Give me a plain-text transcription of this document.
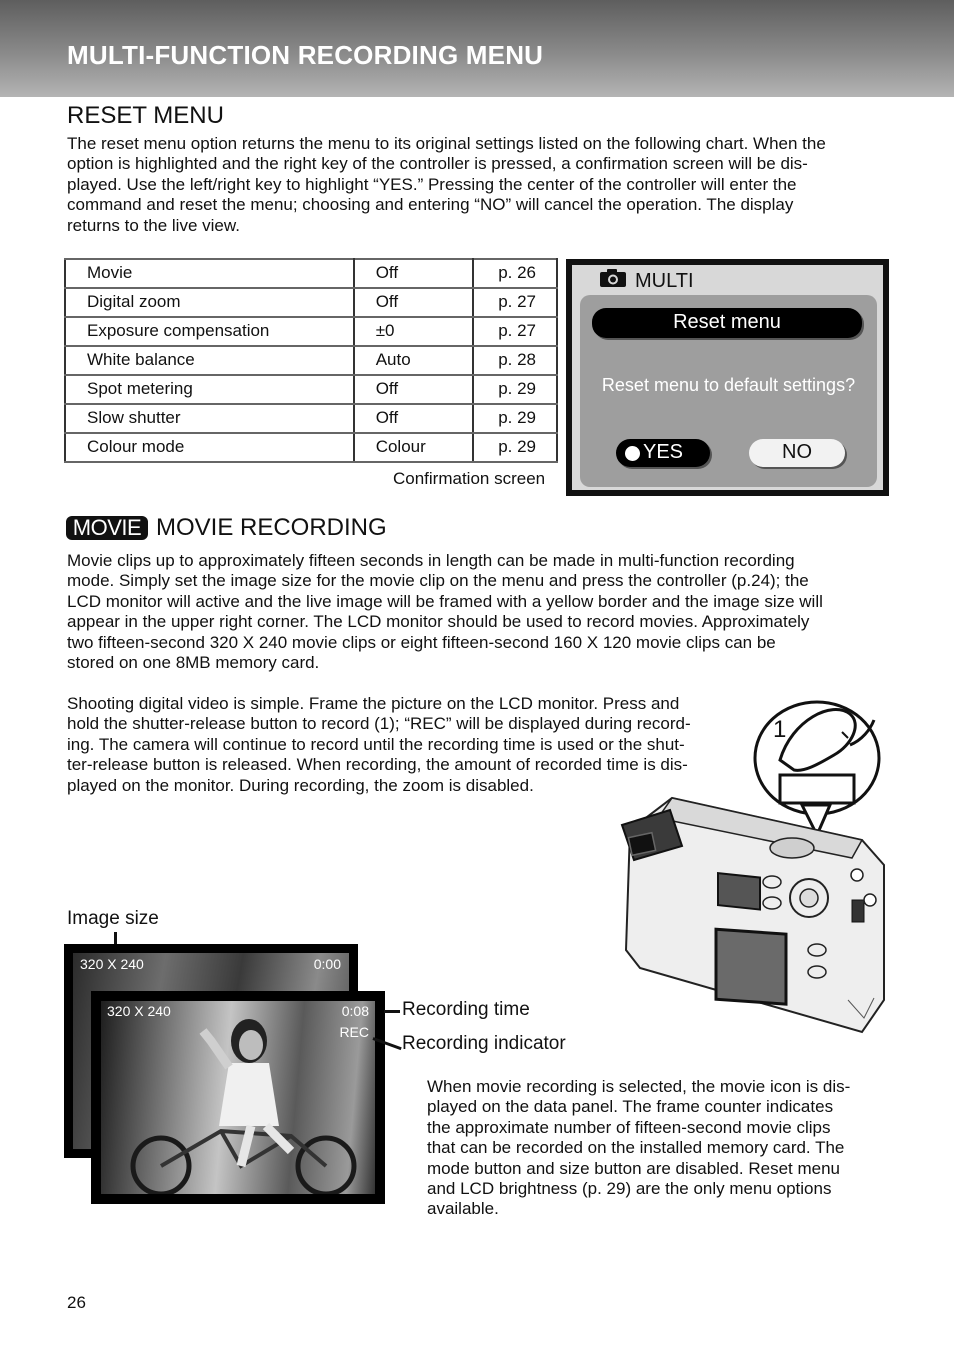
MULTI-FUNCTION RECORDING MENU
RESET MENU
The reset menu option returns the menu to its original settings listed on the following chart. When the
option is highlighted and the right key of the controller is pressed, a confirmation screen will be dis-
played. Use the left/right key to highlight “YES.” Pressing the center of the controller will enter the
command and reset the menu; choosing and entering “NO” will cancel the operation. The display
returns to the live view.
Movie	Off	p. 26
Digital zoom	Off	p. 27
Exposure compensation	±0	p. 27
White balance	Auto	p. 28
Spot metering	Off	p. 29
Slow shutter	Off	p. 29
Colour mode	Colour	p. 29
Confirmation screen
MULTI
Reset menu
Reset menu to default settings?
YES	NO
MOVIE MOVIE RECORDING
Movie clips up to approximately fifteen seconds in length can be made in multi-function recording
mode. Simply set the image size for the movie clip on the menu and press the controller (p.24); the
LCD monitor will active and the live image will be framed with a yellow border and the image size will
appear in the upper right corner. The LCD monitor should be used to record movies. Approximately
two fifteen-second 320 X 240 movie clips or eight fifteen-second 160 X 120 movie clips can be
stored on one 8MB memory card.
Shooting digital video is simple. Frame the picture on the LCD monitor. Press and
hold the shutter-release button to record (1); “REC” will be displayed during record-
ing. The camera will continue to record until the recording time is used or the shut-
ter-release button is released. When recording, the amount of recorded time is dis-
played on the monitor. During recording, the zoom is disabled.
1
Image size
320 X 240	0:00
320 X 240	0:08
REC
Recording time
Recording indicator
When movie recording is selected, the movie icon is dis-
played on the data panel. The frame counter indicates
the approximate number of fifteen-second movie clips
that can be recorded on the installed memory card. The
mode button and size button are disabled. Reset menu
and LCD brightness (p. 29) are the only menu options
available.
26
